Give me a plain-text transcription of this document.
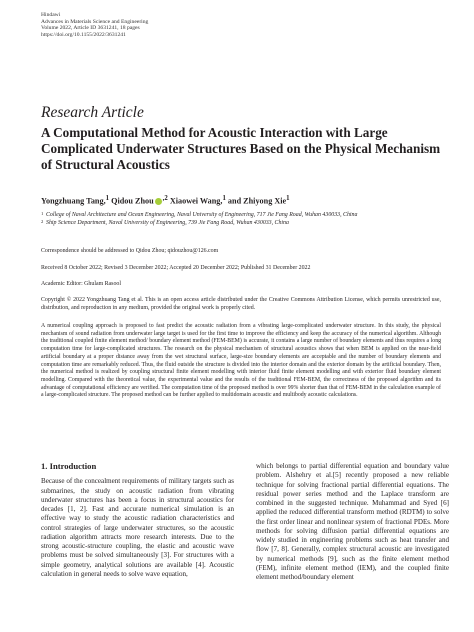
Hindawi
Advances in Materials Science and Engineering
Volume 2022, Article ID 3631241, 18 pages
https://doi.org/10.1155/2022/3631241
Research Article
A Computational Method for Acoustic Interaction with Large Complicated Underwater Structures Based on the Physical Mechanism of Structural Acoustics
Yongzhuang Tang,$^1$ Qidou Zhou $^{,2}$ Xiaowei Wang,$^1$ and Zhiyong Xie$^1$
1 College of Naval Architecture and Ocean Engineering, Naval University of Engineering, 717 Jie Fang Road, Wuhan 430033, China
2 Ship Science Department, Naval University of Engineering, 739 Jie Fang Road, Wuhan 430033, China
Correspondence should be addressed to Qidou Zhou; qidouzhou@126.com
Received 8 October 2022; Revised 3 December 2022; Accepted 20 December 2022; Published 31 December 2022
Academic Editor: Ghulam Rasool
Copyright © 2022 Yongzhuang Tang et al. This is an open access article distributed under the Creative Commons Attribution License, which permits unrestricted use, distribution, and reproduction in any medium, provided the original work is properly cited.
A numerical coupling approach is proposed to fast predict the acoustic radiation from a vibrating large-complicated underwater structure. In this study, the physical mechanism of sound radiation from underwater large target is used for the first time to improve the efficiency and keep the accuracy of the numerical algorithm. Although the traditional coupled finite element method/ boundary element method (FEM-BEM) is accurate, it contains a large number of boundary elements and thus requires a long computation time for large-complicated structures. The research on the physical mechanism of structural acoustics shows that when BEM is applied on the near-field artificial boundary at a proper distance away from the wet structural surface, large-size boundary elements are acceptable and the number of boundary elements and computation time are remarkably reduced. Thus, the fluid outside the structure is divided into the interior domain and the exterior domain by the artificial boundary. Then, the numerical method is realized by coupling structural finite element modelling with interior fluid finite element modelling and with exterior fluid boundary element modelling. Compared with the theoretical value, the experimental value and the results of the traditional FEM-BEM, the correctness of the proposed algorithm and its advantage of computational efficiency are verified. The computation time of the proposed method is over 99% shorter than that of FEM-BEM in the calculation example of a large-complicated structure. The proposed method can be further applied to multidomain acoustic and multibody acoustic calculations.
1. Introduction
Because of the concealment requirements of military targets such as submarines, the study on acoustic radiation from vibrating underwater structures has been a focus in structural acoustics for decades [1, 2]. Fast and accurate numerical simulation is an effective way to study the acoustic radiation characteristics and control strategies of large underwater structures, so the acoustic radiation algorithm attracts more research interests. Due to the strong acoustic-structure coupling, the elastic and acoustic wave problems must be solved simultaneously [3]. For structures with a simple geometry, analytical solutions are available [4]. Acoustic calculation in general needs to solve wave equation,
which belongs to partial differential equation and boundary value problem. Alshehry et al.[5] recently proposed a new reliable technique for solving fractional partial differential equations. The residual power series method and the Laplace transform are combined in the suggested technique. Muhammad and Syed [6] applied the reduced differential transform method (RDTM) to solve the first order linear and nonlinear system of fractional PDEs. More methods for solving diffusion partial differential equations are widely studied in engineering problems such as heat transfer and flow [7, 8]. Generally, complex structural acoustic are investigated by numerical methods [9], such as the finite element method (FEM), infinite element method (IEM), and the coupled finite element method/boundary element
